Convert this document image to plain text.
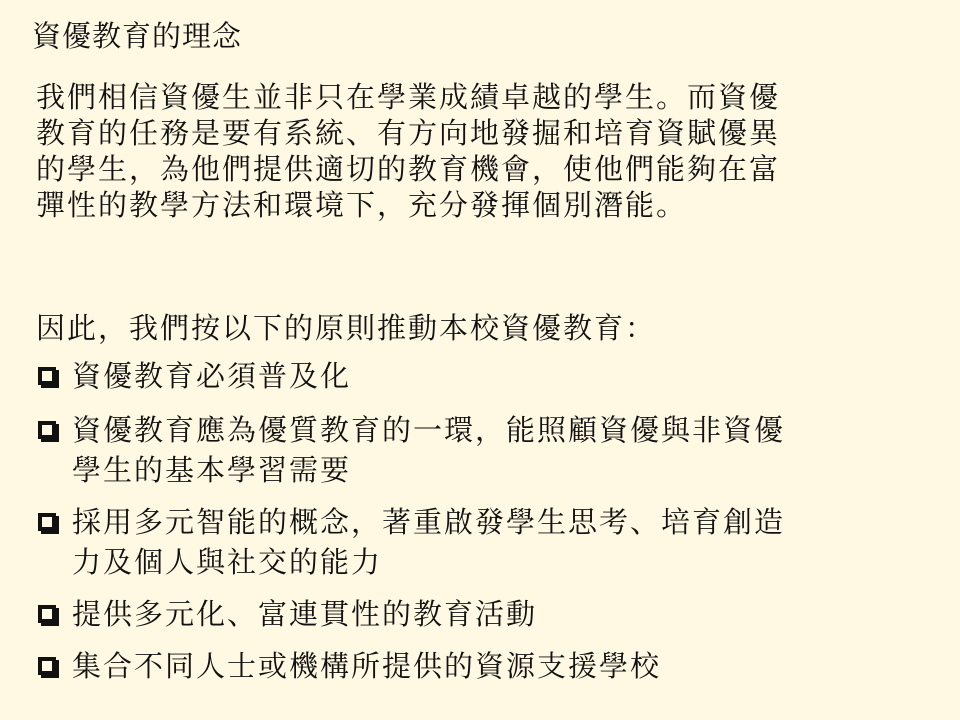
資優教育的理念
我們相信資優生並非只在學業成績卓越的學生。而資優
教育的任務是要有系統、有方向地發掘和培育資賦優異
的學生，為他們提供適切的教育機會，使他們能夠在富
彈性的教學方法和環境下，充分發揮個別潛能。
因此，我們按以下的原則推動本校資優教育：
資優教育必須普及化
資優教育應為優質教育的一環，能照顧資優與非資優
學生的基本學習需要
採用多元智能的概念，著重啟發學生思考、培育創造
力及個人與社交的能力
提供多元化、富連貫性的教育活動
集合不同人士或機構所提供的資源支援學校
